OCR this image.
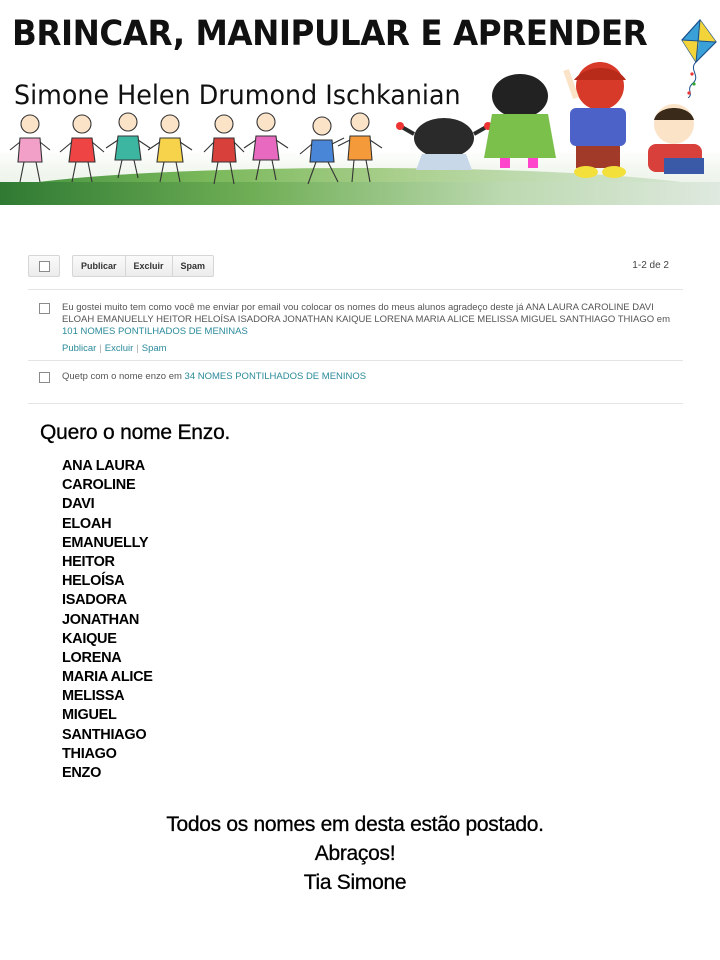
BRINCAR, MANIPULAR E APRENDER
Simone Helen Drumond Ischkanian
Publicar	Excluir	Spam	1-2 de 2
Eu gostei muito tem como você me enviar por email vou colocar os nomes do meus alunos agradeço deste já ANA LAURA CAROLINE DAVI ELOAH EMANUELLY HEITOR HELOÍSA ISADORA JONATHAN KAIQUE LORENA MARIA ALICE MELISSA MIGUEL SANTHIAGO THIAGO em 101 NOMES PONTILHADOS DE MENINAS
Publicar | Excluir | Spam
Quetp com o nome enzo em 34 NOMES PONTILHADOS DE MENINOS
Quero o nome Enzo.
ANA LAURA
CAROLINE
DAVI
ELOAH
EMANUELLY
HEITOR
HELOÍSA
ISADORA
JONATHAN
KAIQUE
LORENA
MARIA ALICE
MELISSA
MIGUEL
SANTHIAGO
THIAGO
ENZO
Todos os nomes em desta estão postado.
Abraços!
Tia Simone
